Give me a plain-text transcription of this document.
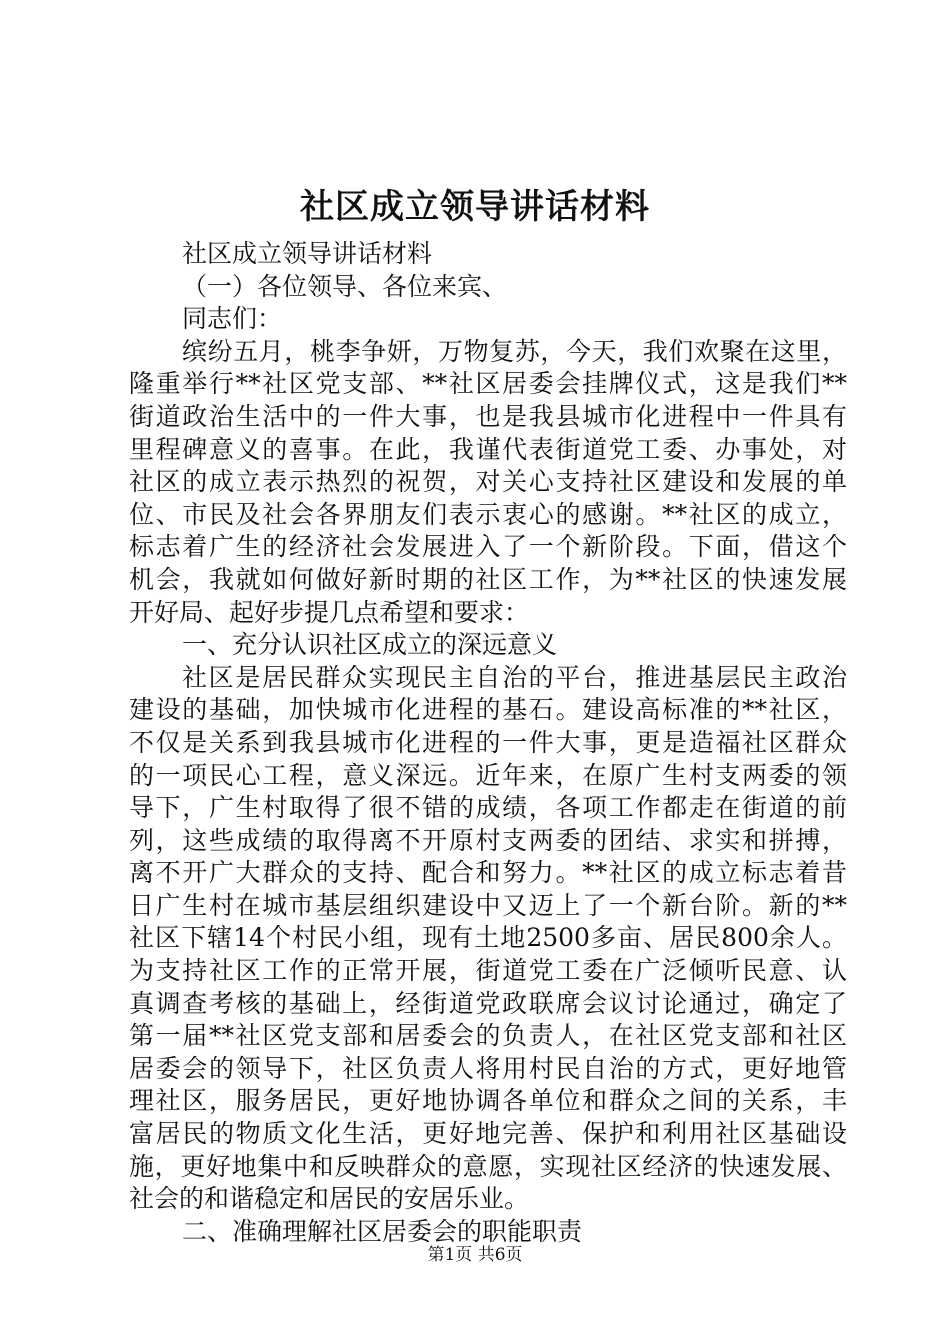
社区成立领导讲话材料
社区成立领导讲话材料
（一）各位领导、各位来宾、
同志们：
缤纷五月，桃李争妍，万物复苏，今天，我们欢聚在这里，
隆重举行**社区党支部、**社区居委会挂牌仪式，这是我们**
街道政治生活中的一件大事，也是我县城市化进程中一件具有
里程碑意义的喜事。在此，我谨代表街道党工委、办事处，对
社区的成立表示热烈的祝贺，对关心支持社区建设和发展的单
位、市民及社会各界朋友们表示衷心的感谢。**社区的成立，
标志着广生的经济社会发展进入了一个新阶段。下面，借这个
机会，我就如何做好新时期的社区工作，为**社区的快速发展
开好局、起好步提几点希望和要求：
一、充分认识社区成立的深远意义
社区是居民群众实现民主自治的平台，推进基层民主政治
建设的基础，加快城市化进程的基石。建设高标准的**社区，
不仅是关系到我县城市化进程的一件大事，更是造福社区群众
的一项民心工程，意义深远。近年来，在原广生村支两委的领
导下，广生村取得了很不错的成绩，各项工作都走在街道的前
列，这些成绩的取得离不开原村支两委的团结、求实和拼搏，
离不开广大群众的支持、配合和努力。**社区的成立标志着昔
日广生村在城市基层组织建设中又迈上了一个新台阶。新的**
社区下辖14个村民小组，现有土地2500多亩、居民800余人。
为支持社区工作的正常开展，街道党工委在广泛倾听民意、认
真调查考核的基础上，经街道党政联席会议讨论通过，确定了
第一届**社区党支部和居委会的负责人，在社区党支部和社区
居委会的领导下，社区负责人将用村民自治的方式，更好地管
理社区，服务居民，更好地协调各单位和群众之间的关系，丰
富居民的物质文化生活，更好地完善、保护和利用社区基础设
施，更好地集中和反映群众的意愿，实现社区经济的快速发展、
社会的和谐稳定和居民的安居乐业。
二、准确理解社区居委会的职能职责
第1页 共6页
